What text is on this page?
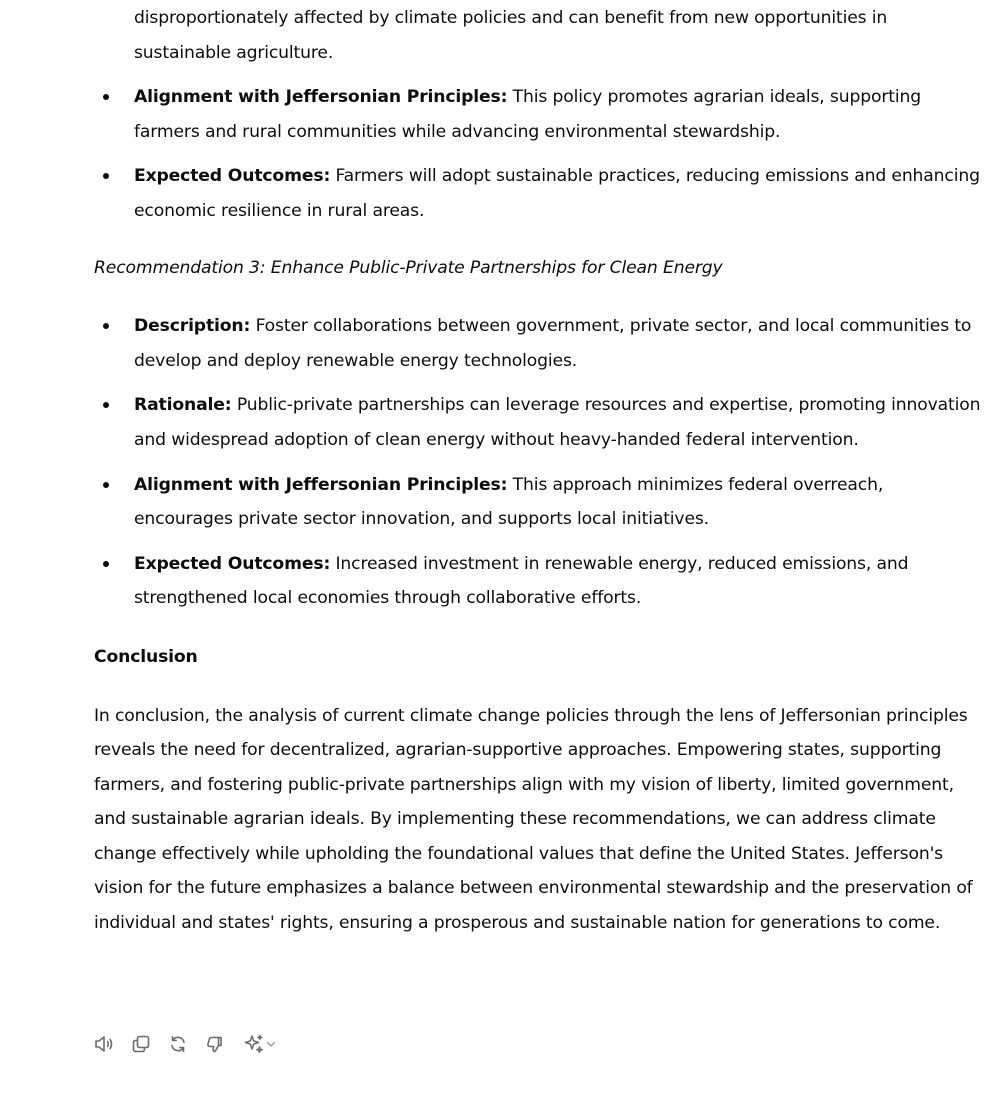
disproportionately affected by climate policies and can benefit from new opportunities in sustainable agriculture.
Alignment with Jeffersonian Principles: This policy promotes agrarian ideals, supporting farmers and rural communities while advancing environmental stewardship.
Expected Outcomes: Farmers will adopt sustainable practices, reducing emissions and enhancing economic resilience in rural areas.
Recommendation 3: Enhance Public-Private Partnerships for Clean Energy
Description: Foster collaborations between government, private sector, and local communities to develop and deploy renewable energy technologies.
Rationale: Public-private partnerships can leverage resources and expertise, promoting innovation and widespread adoption of clean energy without heavy-handed federal intervention.
Alignment with Jeffersonian Principles: This approach minimizes federal overreach, encourages private sector innovation, and supports local initiatives.
Expected Outcomes: Increased investment in renewable energy, reduced emissions, and strengthened local economies through collaborative efforts.
Conclusion

In conclusion, the analysis of current climate change policies through the lens of Jeffersonian principles reveals the need for decentralized, agrarian-supportive approaches. Empowering states, supporting farmers, and fostering public-private partnerships align with my vision of liberty, limited government, and sustainable agrarian ideals. By implementing these recommendations, we can address climate change effectively while upholding the foundational values that define the United States. Jefferson's vision for the future emphasizes a balance between environmental stewardship and the preservation of individual and states' rights, ensuring a prosperous and sustainable nation for generations to come.
